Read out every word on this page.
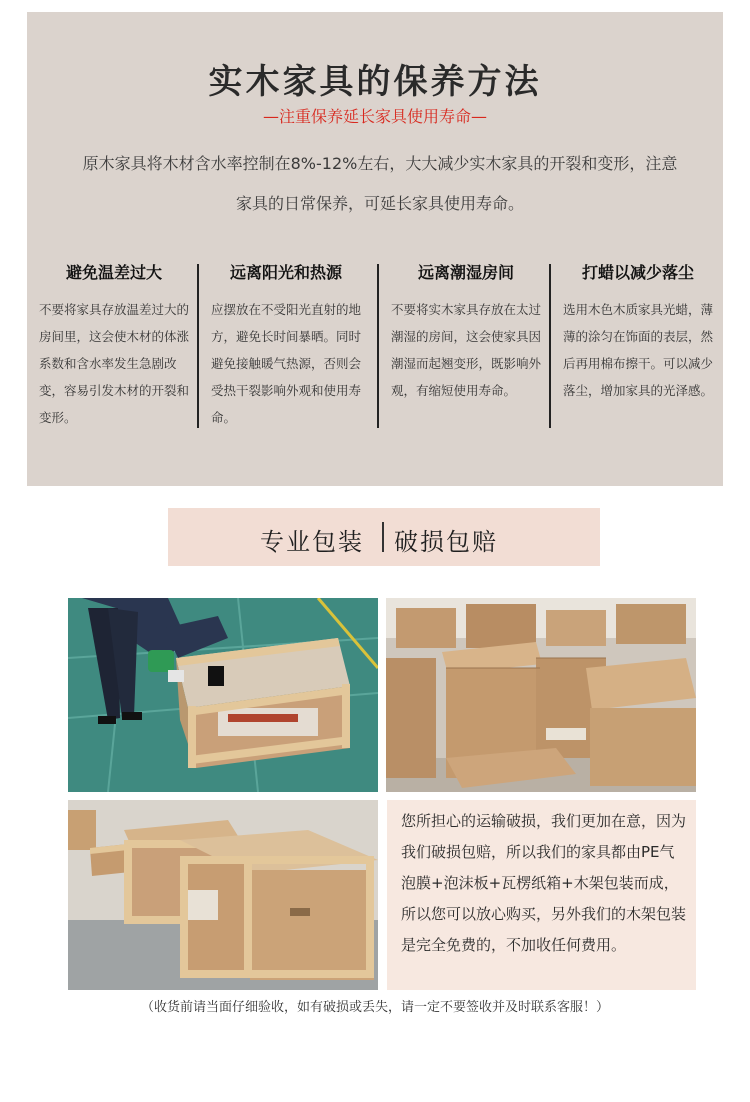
实木家具的保养方法
—注重保养延长家具使用寿命—
原木家具将木材含水率控制在8%-12%左右，大大减少实木家具的开裂和变形，注意家具的日常保养，可延长家具使用寿命。
避免温差过大
不要将家具存放温差过大的房间里，这会使木材的体涨系数和含水率发生急剧改变，容易引发木材的开裂和变形。
远离阳光和热源
应摆放在不受阳光直射的地方，避免长时间暴晒。同时避免接触暖气热源，否则会受热干裂影响外观和使用寿命。
远离潮湿房间
不要将实木家具存放在太过潮湿的房间，这会使家具因潮湿而起翘变形，既影响外观，有缩短使用寿命。
打蜡以减少落尘
选用木色木质家具光蜡，薄薄的涂匀在饰面的表层，然后再用棉布擦干。可以减少落尘，增加家具的光泽感。
专业包装 破损包赔
您所担心的运输破损，我们更加在意，因为我们破损包赔，所以我们的家具都由PE气泡膜+泡沫板+瓦楞纸箱+木架包装而成，所以您可以放心购买，另外我们的木架包装是完全免费的，不加收任何费用。
（收货前请当面仔细验收，如有破损或丢失，请一定不要签收并及时联系客服！）
